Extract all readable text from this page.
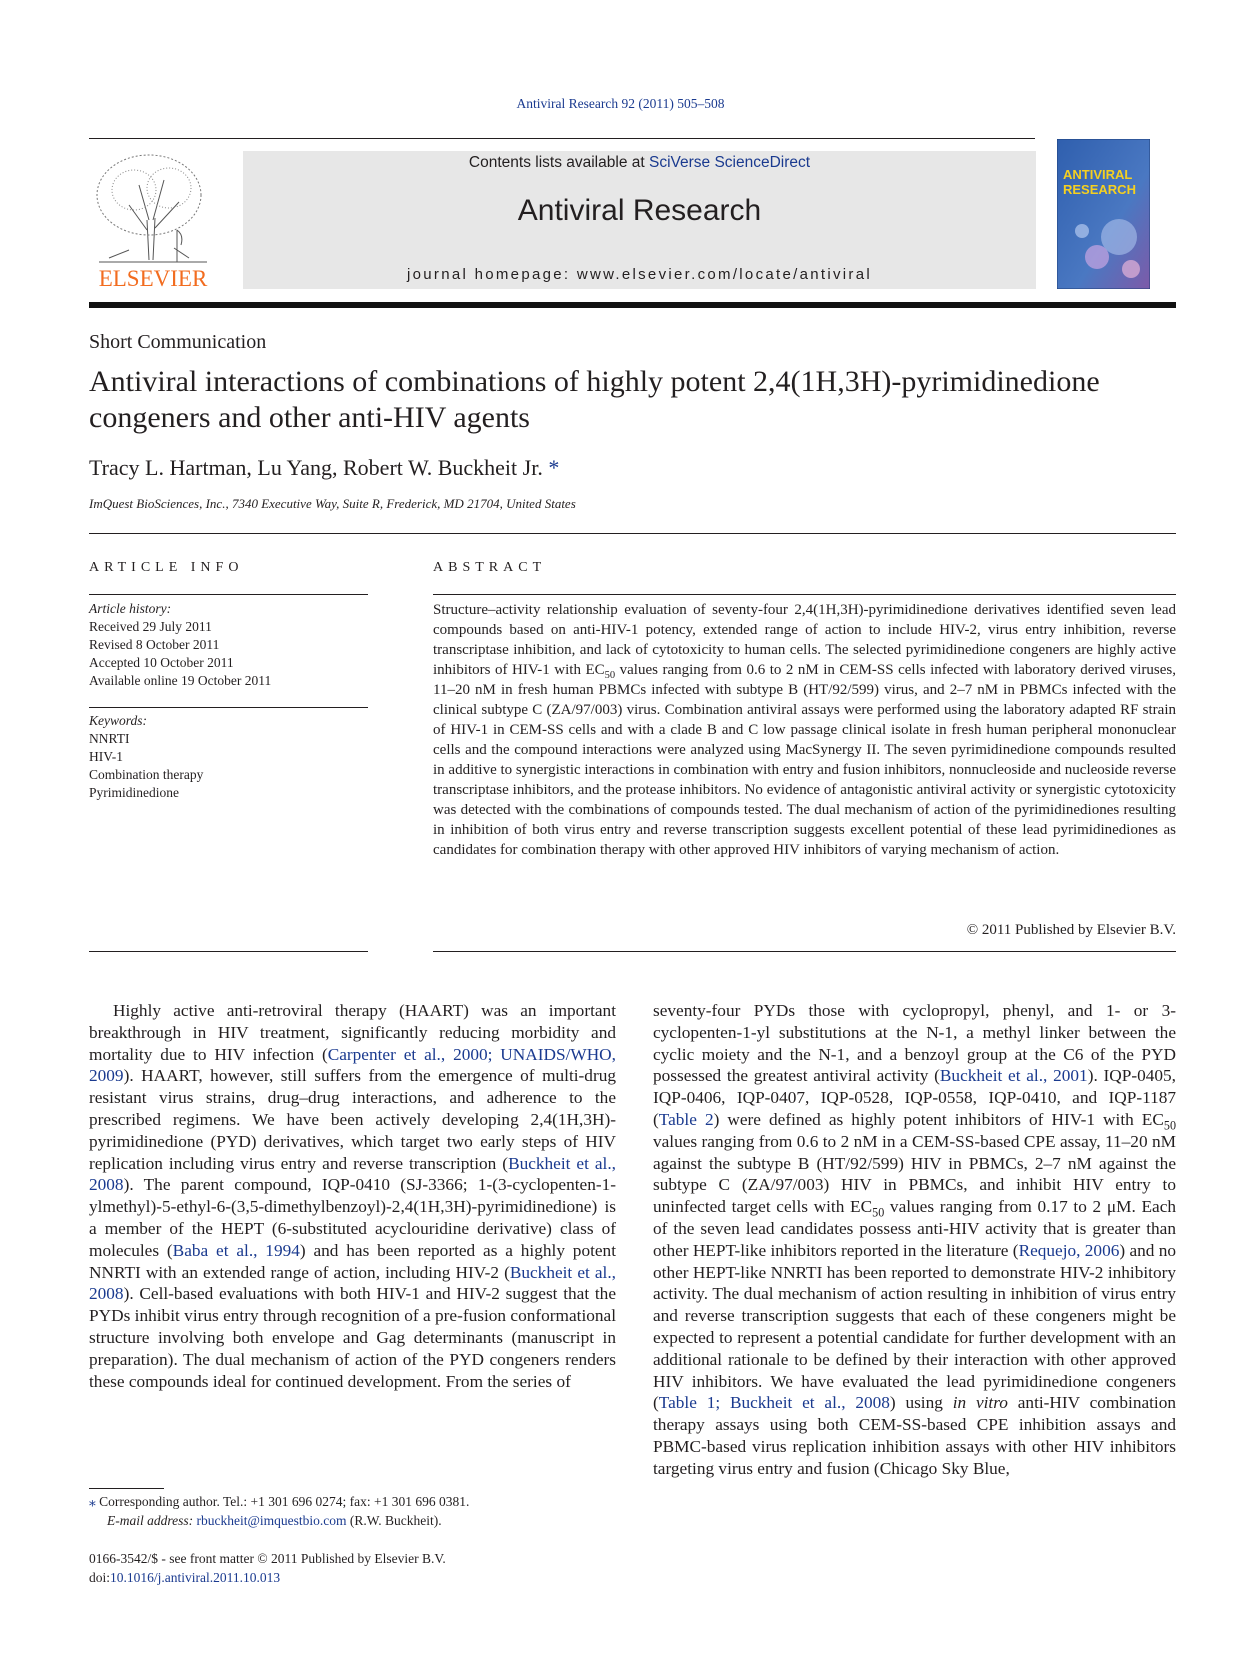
Antiviral Research 92 (2011) 505–508
ELSEVIER
Contents lists available at SciVerse ScienceDirect
Antiviral Research
journal homepage: www.elsevier.com/locate/antiviral
ANTIVIRAL
RESEARCH
Short Communication
Antiviral interactions of combinations of highly potent 2,4(1H,3H)-pyrimidinedione congeners and other anti-HIV agents
Tracy L. Hartman, Lu Yang, Robert W. Buckheit Jr. *
ImQuest BioSciences, Inc., 7340 Executive Way, Suite R, Frederick, MD 21704, United States
ARTICLE INFO	ABSTRACT
Article history:
Received 29 July 2011
Revised 8 October 2011
Accepted 10 October 2011
Available online 19 October 2011
Keywords:
NNRTI
HIV-1
Combination therapy
Pyrimidinedione
Structure–activity relationship evaluation of seventy-four 2,4(1H,3H)-pyrimidinedione derivatives identified seven lead compounds based on anti-HIV-1 potency, extended range of action to include HIV-2, virus entry inhibition, reverse transcriptase inhibition, and lack of cytotoxicity to human cells. The selected pyrimidinedione congeners are highly active inhibitors of HIV-1 with $EC_{50}$ values ranging from 0.6 to 2 nM in CEM-SS cells infected with laboratory derived viruses, 11–20 nM in fresh human PBMCs infected with subtype B (HT/92/599) virus, and 2–7 nM in PBMCs infected with the clinical subtype C (ZA/97/003) virus. Combination antiviral assays were performed using the laboratory adapted RF strain of HIV-1 in CEM-SS cells and with a clade B and C low passage clinical isolate in fresh human peripheral mononuclear cells and the compound interactions were analyzed using MacSynergy II. The seven pyrimidinedione compounds resulted in additive to synergistic interactions in combination with entry and fusion inhibitors, nonnucleoside and nucleoside reverse transcriptase inhibitors, and the protease inhibitors. No evidence of antagonistic antiviral activity or synergistic cytotoxicity was detected with the combinations of compounds tested. The dual mechanism of action of the pyrimidinediones resulting in inhibition of both virus entry and reverse transcription suggests excellent potential of these lead pyrimidinediones as candidates for combination therapy with other approved HIV inhibitors of varying mechanism of action.
© 2011 Published by Elsevier B.V.

Highly active anti-retroviral therapy (HAART) was an important breakthrough in HIV treatment, significantly reducing morbidity and mortality due to HIV infection (Carpenter et al., 2000; UNAIDS/WHO, 2009). HAART, however, still suffers from the emergence of multi-drug resistant virus strains, drug–drug interactions, and adherence to the prescribed regimens. We have been actively developing 2,4(1H,3H)-pyrimidinedione (PYD) derivatives, which target two early steps of HIV replication including virus entry and reverse transcription (Buckheit et al., 2008). The parent compound, IQP-0410 (SJ-3366; 1-(3-cyclopenten-1-ylmethyl)-5-ethyl-6-(3,5-dimethylbenzoyl)-2,4(1H,3H)-pyrimidinedione) is a member of the HEPT (6-substituted acyclouridine derivative) class of molecules (Baba et al., 1994) and has been reported as a highly potent NNRTI with an extended range of action, including HIV-2 (Buckheit et al., 2008). Cell-based evaluations with both HIV-1 and HIV-2 suggest that the PYDs inhibit virus entry through recognition of a pre-fusion conformational structure involving both envelope and Gag determinants (manuscript in preparation). The dual mechanism of action of the PYD congeners renders these compounds ideal for continued development. From the series of

seventy-four PYDs those with cyclopropyl, phenyl, and 1- or 3-cyclopenten-1-yl substitutions at the N-1, a methyl linker between the cyclic moiety and the N-1, and a benzoyl group at the C6 of the PYD possessed the greatest antiviral activity (Buckheit et al., 2001). IQP-0405, IQP-0406, IQP-0407, IQP-0528, IQP-0558, IQP-0410, and IQP-1187 (Table 2) were defined as highly potent inhibitors of HIV-1 with $EC_{50}$ values ranging from 0.6 to 2 nM in a CEM-SS-based CPE assay, 11–20 nM against the subtype B (HT/92/599) HIV in PBMCs, 2–7 nM against the subtype C (ZA/97/003) HIV in PBMCs, and inhibit HIV entry to uninfected target cells with $EC_{50}$ values ranging from 0.17 to 2 μM. Each of the seven lead candidates possess anti-HIV activity that is greater than other HEPT-like inhibitors reported in the literature (Requejo, 2006) and no other HEPT-like NNRTI has been reported to demonstrate HIV-2 inhibitory activity. The dual mechanism of action resulting in inhibition of virus entry and reverse transcription suggests that each of these congeners might be expected to represent a potential candidate for further development with an additional rationale to be defined by their interaction with other approved HIV inhibitors. We have evaluated the lead pyrimidinedione congeners (Table 1; Buckheit et al., 2008) using in vitro anti-HIV combination therapy assays using both CEM-SS-based CPE inhibition assays and PBMC-based virus replication inhibition assays with other HIV inhibitors targeting virus entry and fusion (Chicago Sky Blue,

⁎ Corresponding author. Tel.: +1 301 696 0274; fax: +1 301 696 0381.
E-mail address: rbuckheit@imquestbio.com (R.W. Buckheit).
0166-3542/$ - see front matter © 2011 Published by Elsevier B.V.
doi:10.1016/j.antiviral.2011.10.013
